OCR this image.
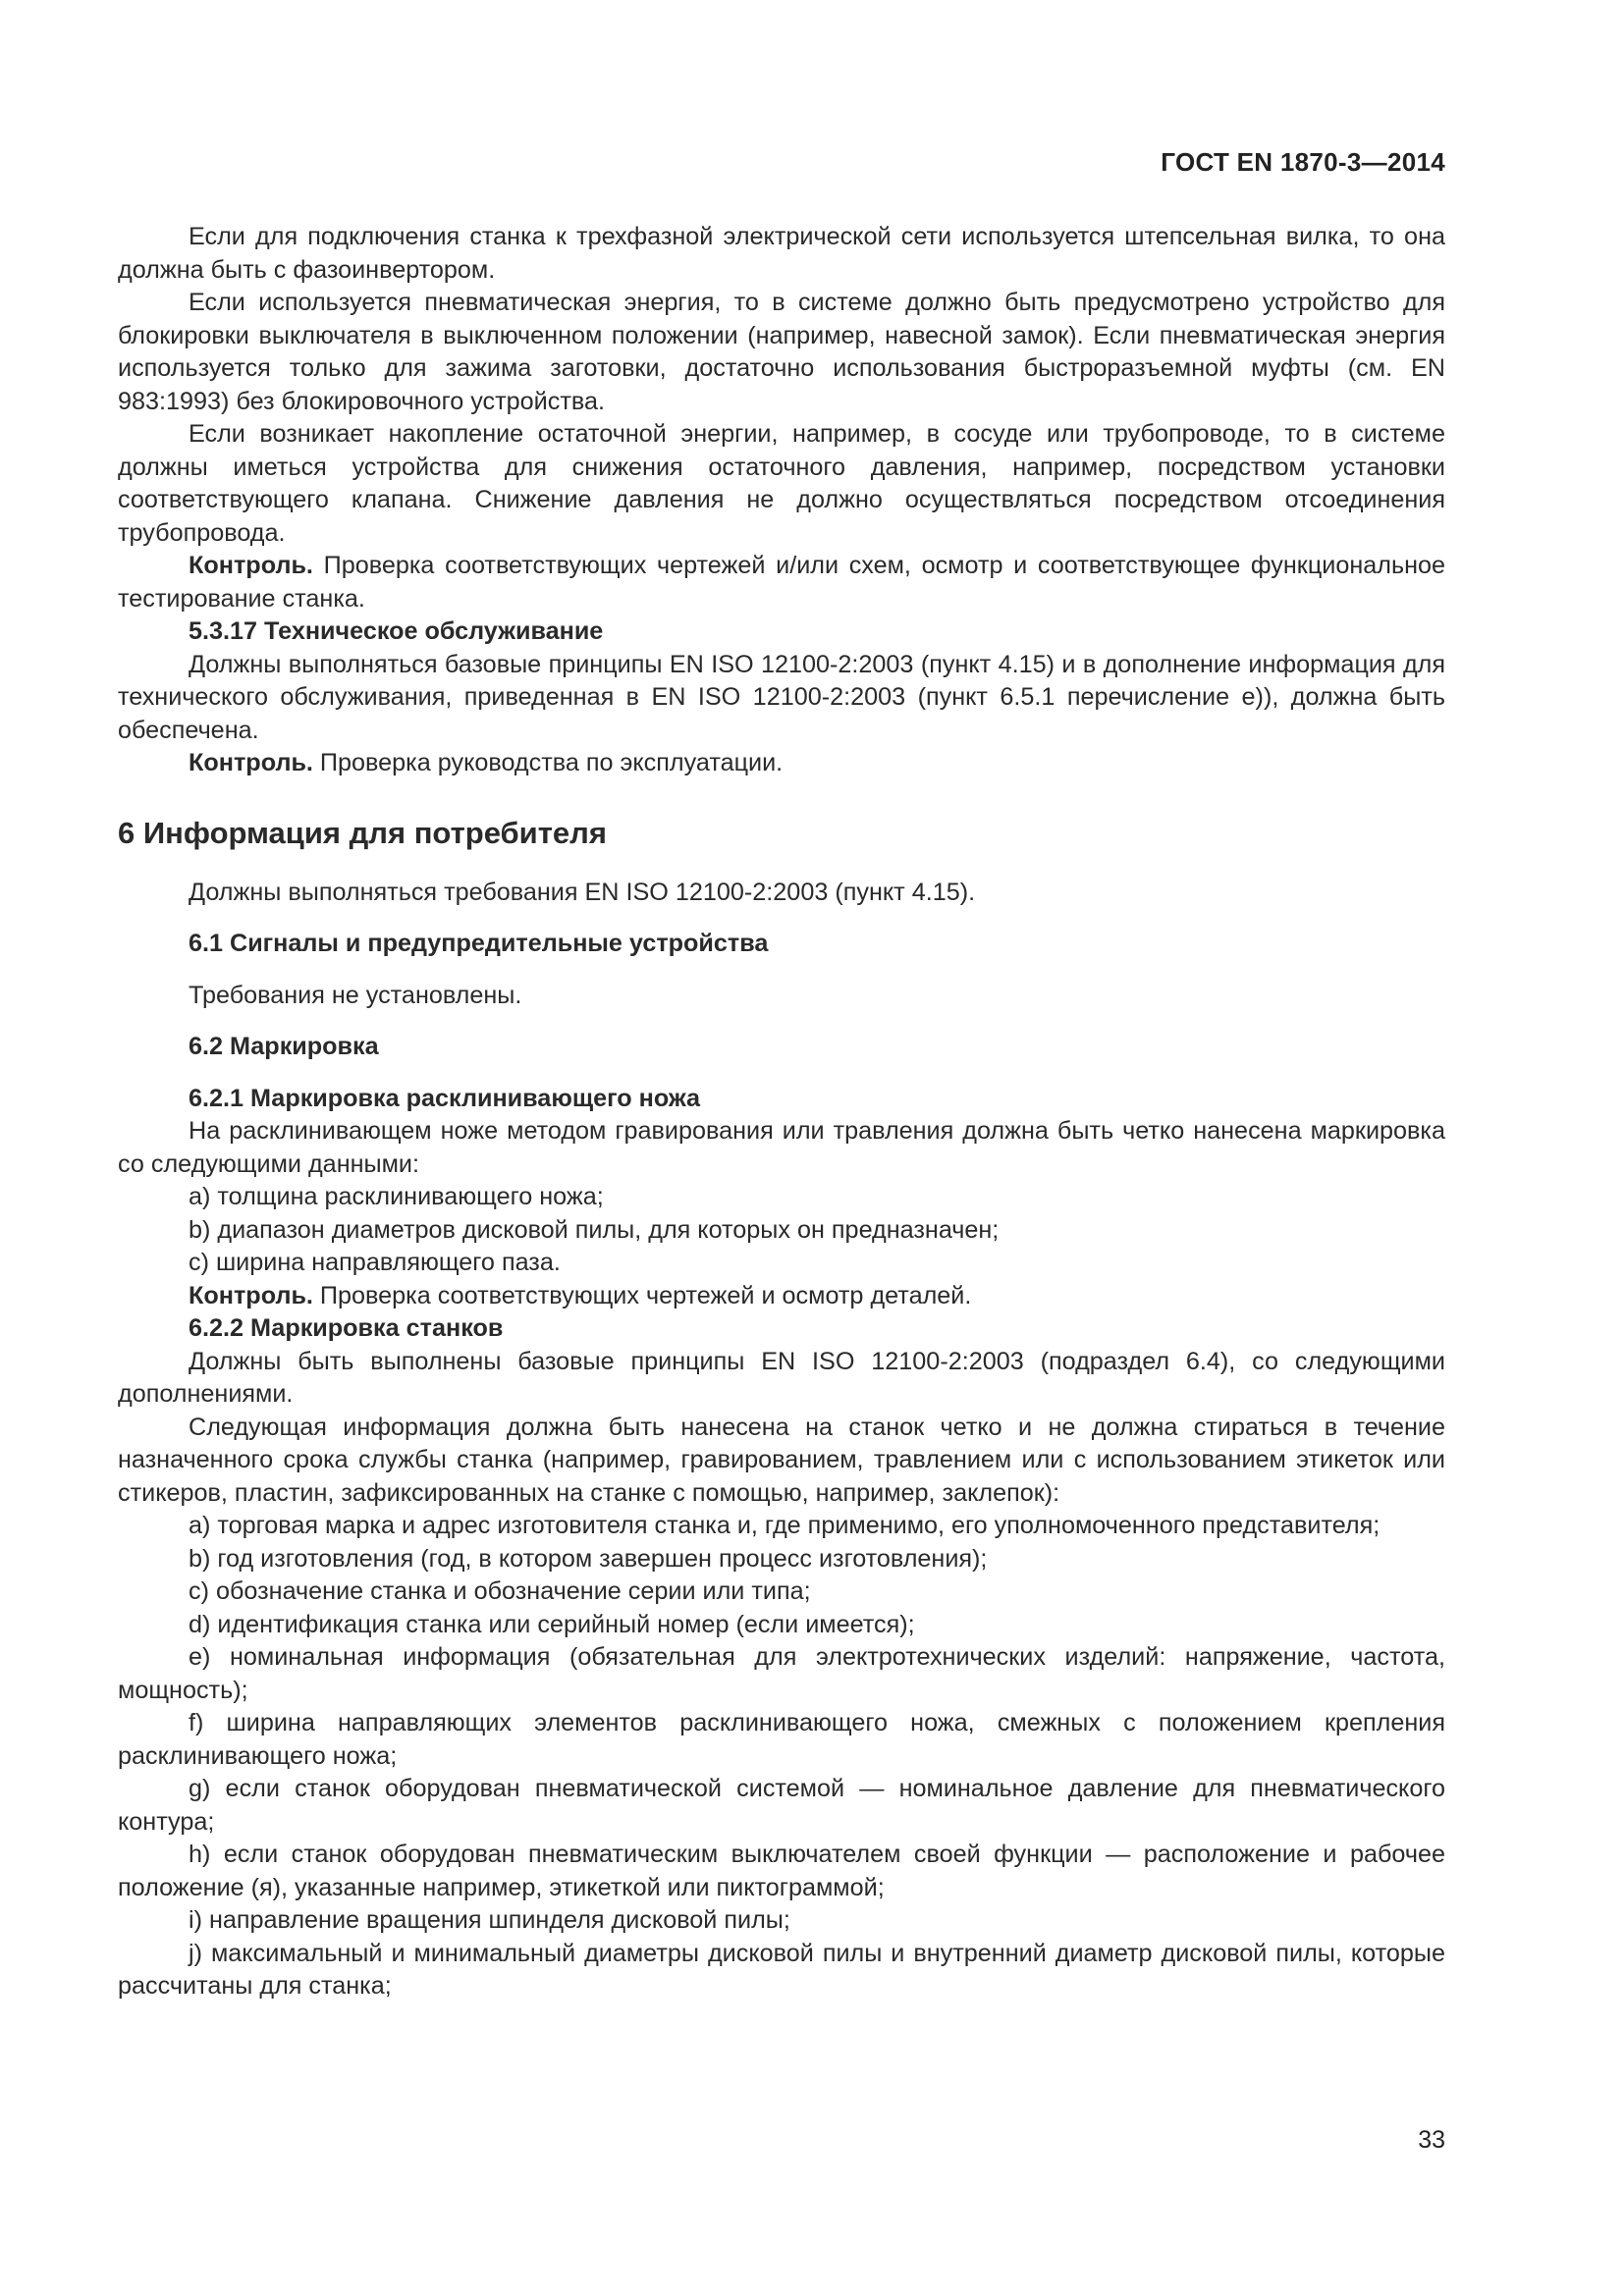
ГОСТ EN 1870-3—2014

Если для подключения станка к трехфазной электрической сети используется штепсельная вилка, то она должна быть с фазоинвертором.

Если используется пневматическая энергия, то в системе должно быть предусмотрено устройство для блокировки выключателя в выключенном положении (например, навесной замок). Если пневматическая энергия используется только для зажима заготовки, достаточно использования быстроразъемной муфты (см. EN 983:1993) без блокировочного устройства.

Если возникает накопление остаточной энергии, например, в сосуде или трубопроводе, то в системе должны иметься устройства для снижения остаточного давления, например, посредством установки соответствующего клапана. Снижение давления не должно осуществляться посредством отсоединения трубопровода.

Контроль. Проверка соответствующих чертежей и/или схем, осмотр и соответствующее функциональное тестирование станка.

5.3.17 Техническое обслуживание

Должны выполняться базовые принципы EN ISO 12100-2:2003 (пункт 4.15) и в дополнение информация для технического обслуживания, приведенная в EN ISO 12100-2:2003 (пункт 6.5.1 перечисление e)), должна быть обеспечена.

Контроль. Проверка руководства по эксплуатации.

6 Информация для потребителя

Должны выполняться требования EN ISO 12100-2:2003 (пункт 4.15).

6.1 Сигналы и предупредительные устройства

Требования не установлены.

6.2 Маркировка

6.2.1 Маркировка расклинивающего ножа

На расклинивающем ноже методом гравирования или травления должна быть четко нанесена маркировка со следующими данными:

а) толщина расклинивающего ножа;

b) диапазон диаметров дисковой пилы, для которых он предназначен;

с) ширина направляющего паза.

Контроль. Проверка соответствующих чертежей и осмотр деталей.

6.2.2 Маркировка станков

Должны быть выполнены базовые принципы EN ISO 12100-2:2003 (подраздел 6.4), со следующими дополнениями.

Следующая информация должна быть нанесена на станок четко и не должна стираться в течение назначенного срока службы станка (например, гравированием, травлением или с использованием этикеток или стикеров, пластин, зафиксированных на станке с помощью, например, заклепок):

а) торговая марка и адрес изготовителя станка и, где применимо, его уполномоченного представителя;

b) год изготовления (год, в котором завершен процесс изготовления);

с) обозначение станка и обозначение серии или типа;

d) идентификация станка или серийный номер (если имеется);

е) номинальная информация (обязательная для электротехнических изделий: напряжение, частота, мощность);

f) ширина направляющих элементов расклинивающего ножа, смежных с положением крепления расклинивающего ножа;

g) если станок оборудован пневматической системой — номинальное давление для пневматического контура;

h) если станок оборудован пневматическим выключателем своей функции — расположение и рабочее положение (я), указанные например, этикеткой или пиктограммой;

i) направление вращения шпинделя дисковой пилы;

j) максимальный и минимальный диаметры дисковой пилы и внутренний диаметр дисковой пилы, которые рассчитаны для станка;

33
